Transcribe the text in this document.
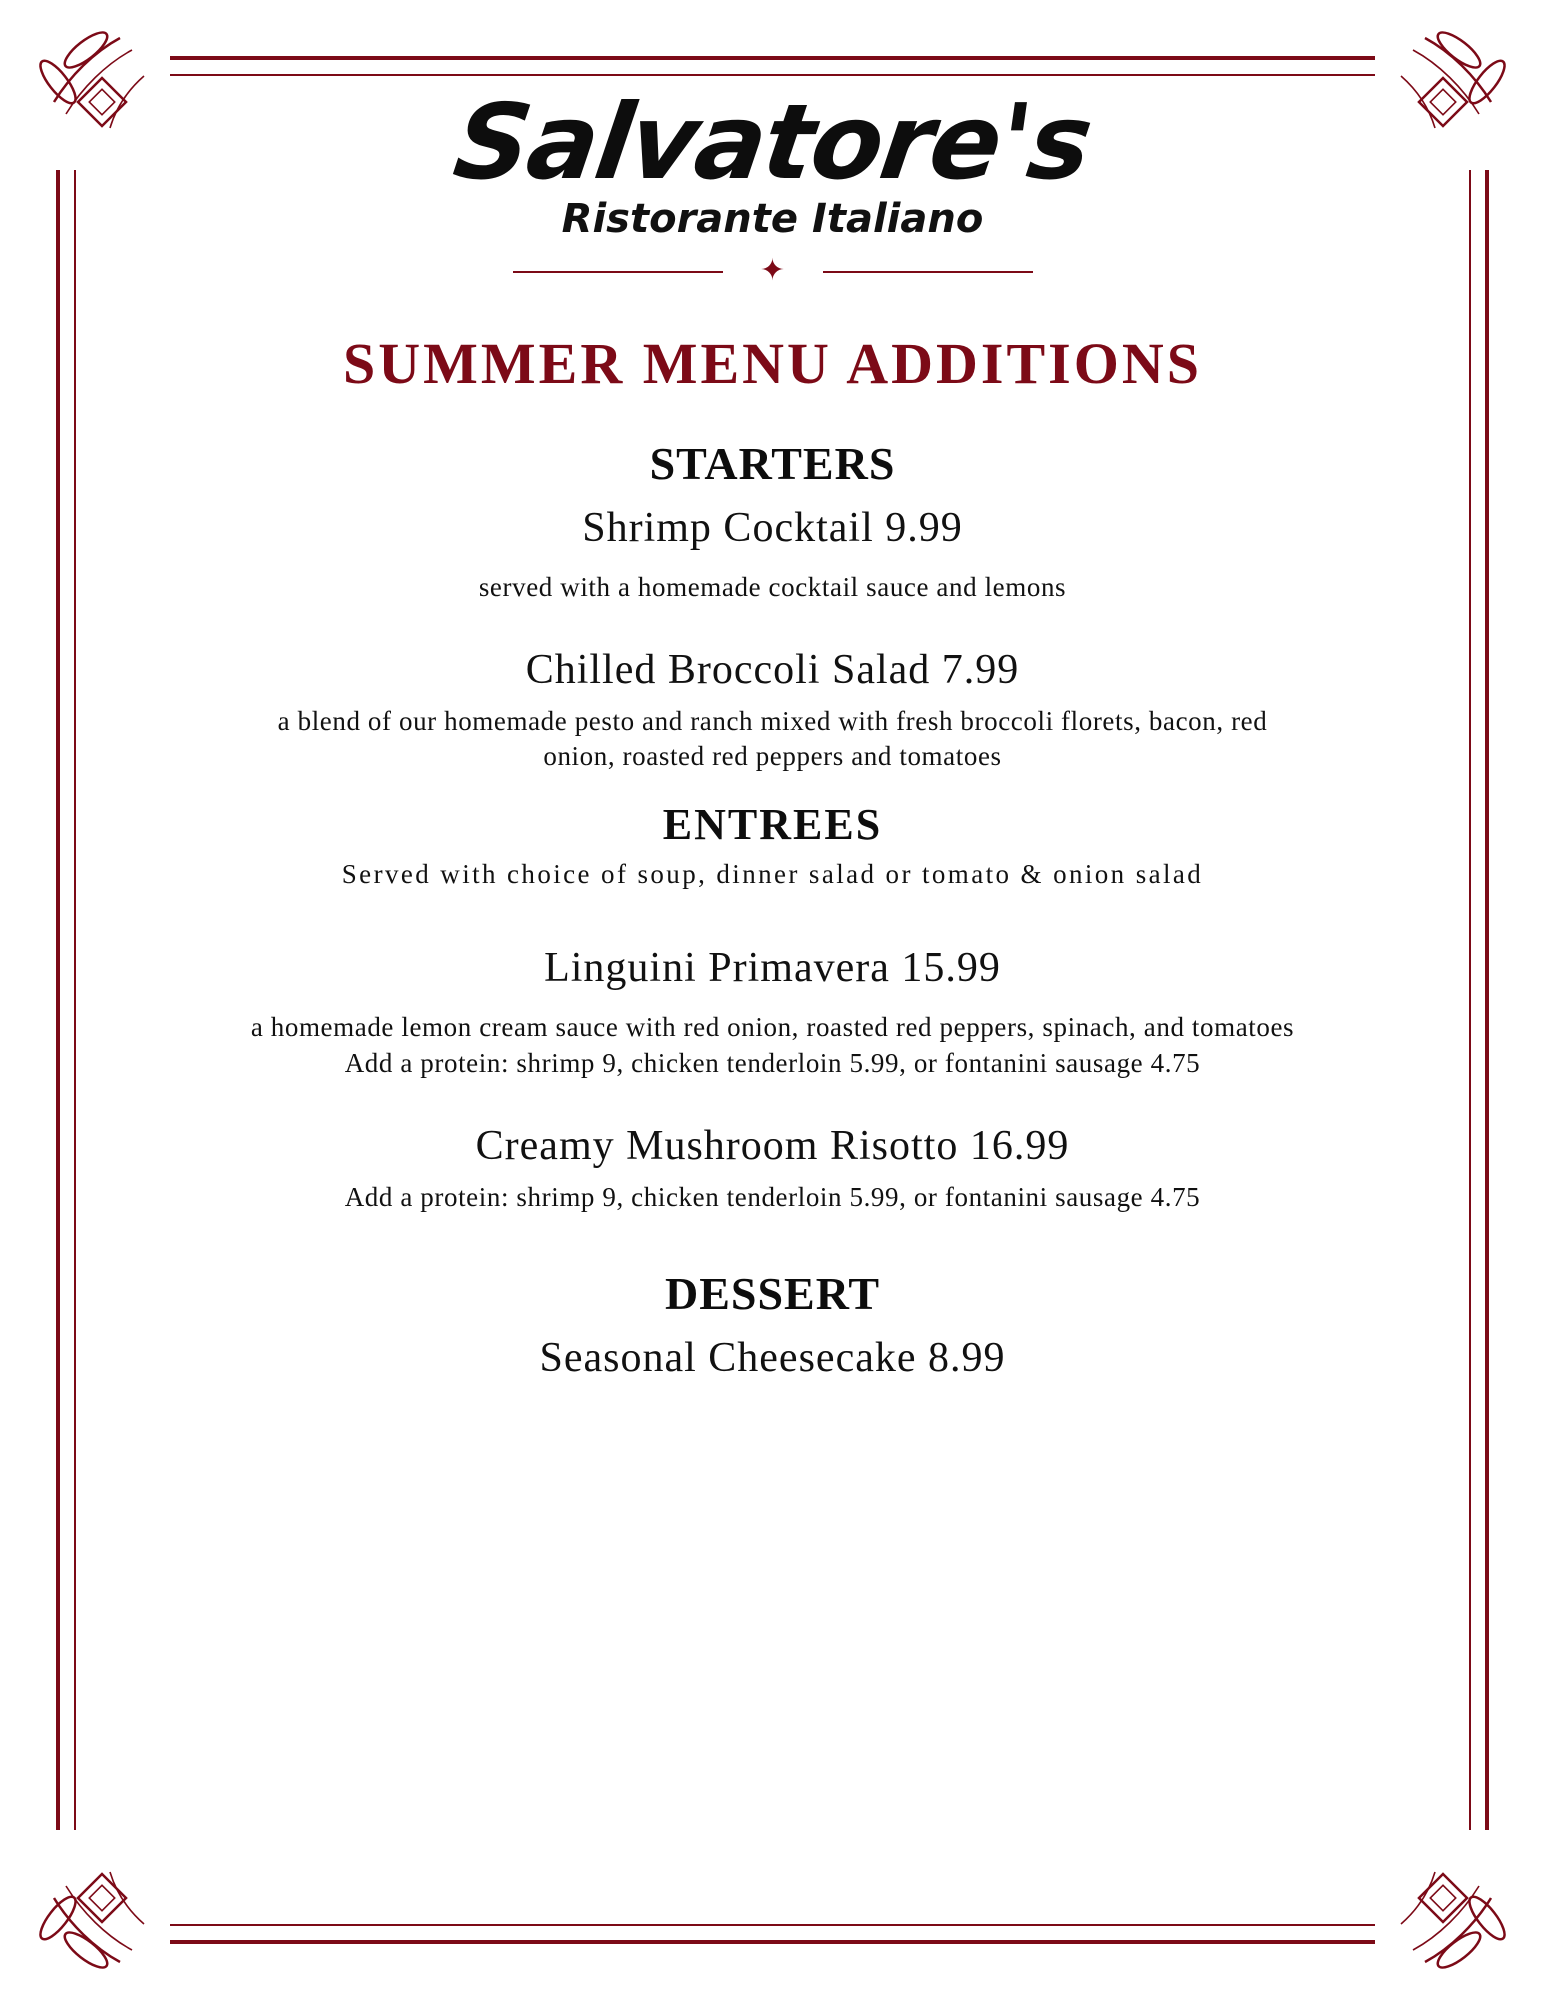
Salvatore's
Ristorante Italiano
✦
SUMMER MENU ADDITIONS
STARTERS
Shrimp Cocktail 9.99
served with a homemade cocktail sauce and lemons
Chilled Broccoli Salad 7.99
a blend of our homemade pesto and ranch mixed with fresh broccoli florets, bacon, red onion, roasted red peppers and tomatoes
ENTREES
Served with choice of soup, dinner salad or tomato & onion salad
Linguini Primavera 15.99
a homemade lemon cream sauce with red onion, roasted red peppers, spinach, and tomatoes
Add a protein: shrimp 9, chicken tenderloin 5.99, or fontanini sausage 4.75
Creamy Mushroom Risotto 16.99
Add a protein: shrimp 9, chicken tenderloin 5.99, or fontanini sausage 4.75
DESSERT
Seasonal Cheesecake 8.99
